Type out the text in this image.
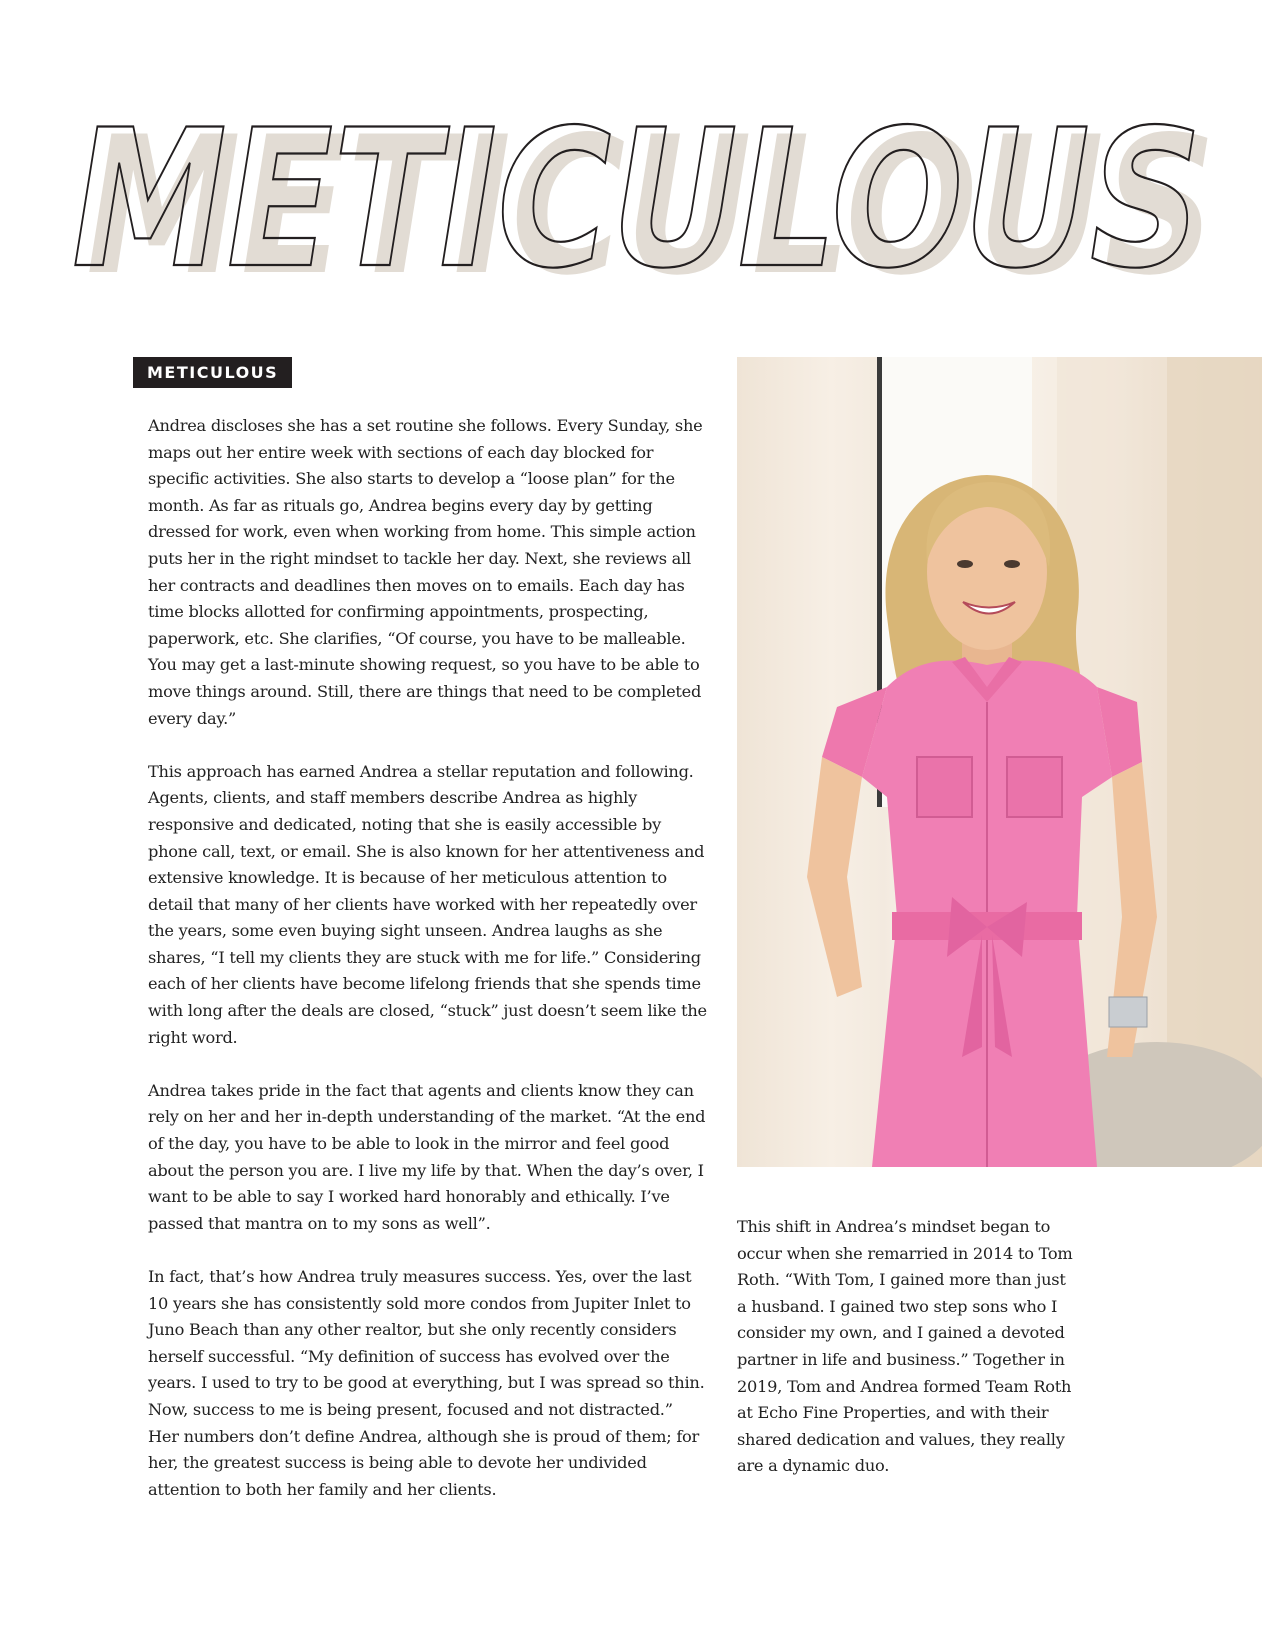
METICULOUS
METICULOUS
METICULOUS

Andrea discloses she has a set routine she follows. Every Sunday, she maps out her entire week with sections of each day blocked for specific activities. She also starts to develop a “loose plan” for the month. As far as rituals go, Andrea begins every day by getting dressed for work, even when working from home. This simple action puts her in the right mindset to tackle her day. Next, she reviews all her contracts and deadlines then moves on to emails. Each day has time blocks allotted for confirming appointments, prospecting, paperwork, etc. She clarifies, “Of course, you have to be malleable. You may get a last-minute showing request, so you have to be able to move things around. Still, there are things that need to be completed every day.”

This approach has earned Andrea a stellar reputation and following. Agents, clients, and staff members describe Andrea as highly responsive and dedicated, noting that she is easily accessible by phone call, text, or email. She is also known for her attentiveness and extensive knowledge. It is because of her meticulous attention to detail that many of her clients have worked with her repeatedly over the years, some even buying sight unseen. Andrea laughs as she shares, “I tell my clients they are stuck with me for life.” Considering each of her clients have become lifelong friends that she spends time with long after the deals are closed, “stuck” just doesn’t seem like the right word.

Andrea takes pride in the fact that agents and clients know they can rely on her and her in-depth understanding of the market. “At the end of the day, you have to be able to look in the mirror and feel good about the person you are. I live my life by that. When the day’s over, I want to be able to say I worked hard honorably and ethically. I’ve passed that mantra on to my sons as well”.

In fact, that’s how Andrea truly measures success. Yes, over the last 10 years she has consistently sold more condos from Jupiter Inlet to Juno Beach than any other realtor, but she only recently considers herself successful. “My definition of success has evolved over the years. I used to try to be good at everything, but I was spread so thin. Now, success to me is being present, focused and not distracted.” Her numbers don’t define Andrea, although she is proud of them; for her, the greatest success is being able to devote her undivided attention to both her family and her clients.

This shift in Andrea’s mindset began to occur when she remarried in 2014 to Tom Roth. “With Tom, I gained more than just a husband. I gained two step sons who I consider my own, and I gained a devoted partner in life and business.” Together in 2019, Tom and Andrea formed Team Roth at Echo Fine Properties, and with their shared dedication and values, they really are a dynamic duo.
